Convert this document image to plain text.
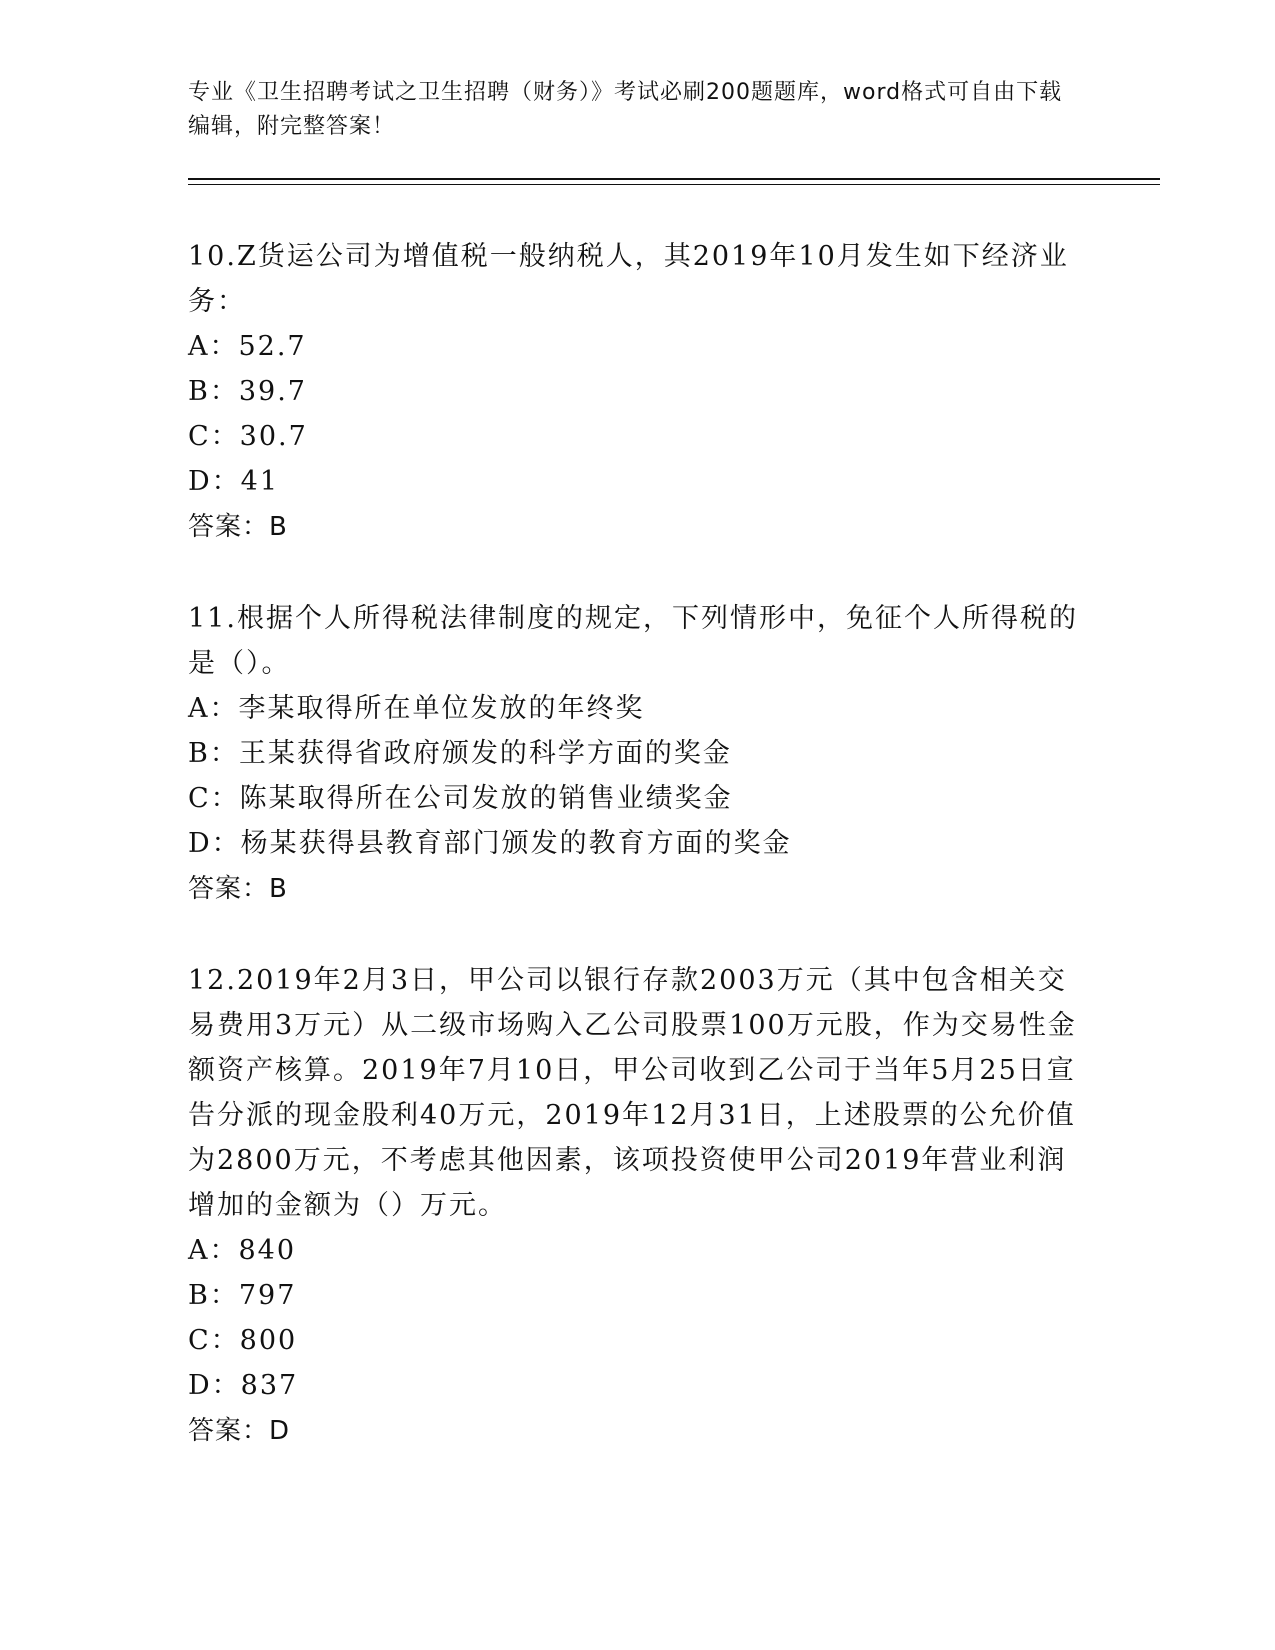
专业《卫生招聘考试之卫生招聘（财务）》考试必刷200题题库，word格式可自由下载编辑，附完整答案！

10.Z货运公司为增值税一般纳税人，其2019年10月发生如下经济业务：

A：52.7

B：39.7

C：30.7

D：41

答案：B

11.根据个人所得税法律制度的规定，下列情形中，免征个人所得税的是（）。

A：李某取得所在单位发放的年终奖

B：王某获得省政府颁发的科学方面的奖金

C：陈某取得所在公司发放的销售业绩奖金

D：杨某获得县教育部门颁发的教育方面的奖金

答案：B

12.2019年2月3日，甲公司以银行存款2003万元（其中包含相关交易费用3万元）从二级市场购入乙公司股票100万元股，作为交易性金额资产核算。2019年7月10日，甲公司收到乙公司于当年5月25日宣告分派的现金股利40万元，2019年12月31日，上述股票的公允价值为2800万元，不考虑其他因素，该项投资使甲公司2019年营业利润增加的金额为（）万元。

A：840

B：797

C：800

D：837

答案：D
